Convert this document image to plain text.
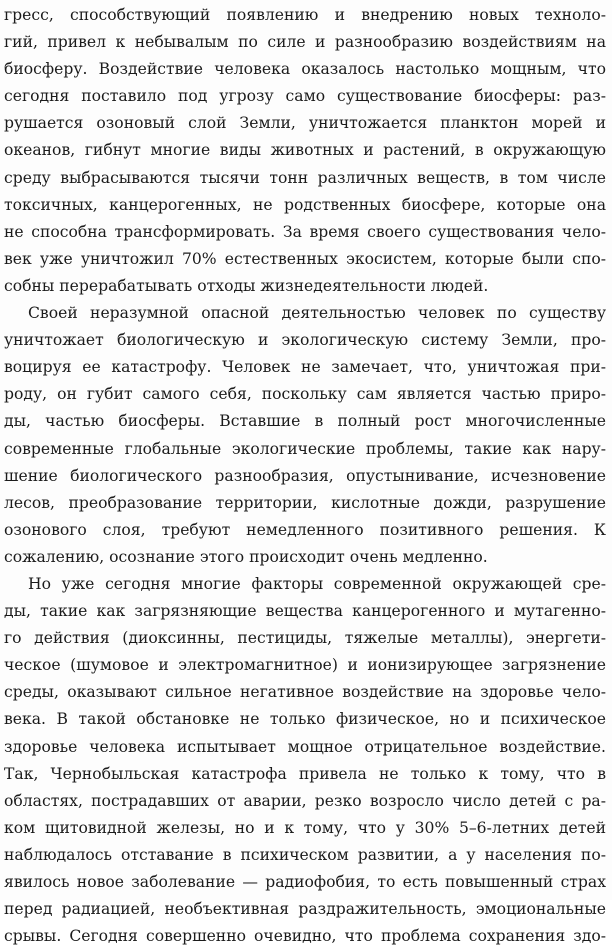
гресс, способствующий появлению и внедрению новых техноло-
гий, привел к небывалым по силе и разнообразию воздействиям на
биосферу. Воздействие человека оказалось настолько мощным, что
сегодня поставило под угрозу само существование биосферы: раз-
рушается озоновый слой Земли, уничтожается планктон морей и
океанов, гибнут многие виды животных и растений, в окружающую
среду выбрасываются тысячи тонн различных веществ, в том числе
токсичных, канцерогенных, не родственных биосфере, которые она
не способна трансформировать. За время своего существования чело-
век уже уничтожил 70% естественных экосистем, которые были спо-
собны перерабатывать отходы жизнедеятельности людей.
Своей неразумной опасной деятельностью человек по существу
уничтожает биологическую и экологическую систему Земли, про-
воцируя ее катастрофу. Человек не замечает, что, уничтожая при-
роду, он губит самого себя, поскольку сам является частью приро-
ды, частью биосферы. Вставшие в полный рост многочисленные
современные глобальные экологические проблемы, такие как нару-
шение биологического разнообразия, опустынивание, исчезновение
лесов, преобразование территории, кислотные дожди, разрушение
озонового слоя, требуют немедленного позитивного решения. К
сожалению, осознание этого происходит очень медленно.
Но уже сегодня многие факторы современной окружающей сре-
ды, такие как загрязняющие вещества канцерогенного и мутагенно-
го действия (диоксинны, пестициды, тяжелые металлы), энергети-
ческое (шумовое и электромагнитное) и ионизирующее загрязнение
среды, оказывают сильное негативное воздействие на здоровье чело-
века. В такой обстановке не только физическое, но и психическое
здоровье человека испытывает мощное отрицательное воздействие.
Так, Чернобыльская катастрофа привела не только к тому, что в
областях, пострадавших от аварии, резко возросло число детей с ра-
ком щитовидной железы, но и к тому, что у 30% 5–6-летних детей
наблюдалось отставание в психическом развитии, а у населения по-
явилось новое заболевание — радиофобия, то есть повышенный страх
перед радиацией, необъективная раздражительность, эмоциональные
срывы. Сегодня совершенно очевидно, что проблема сохранения здо-
